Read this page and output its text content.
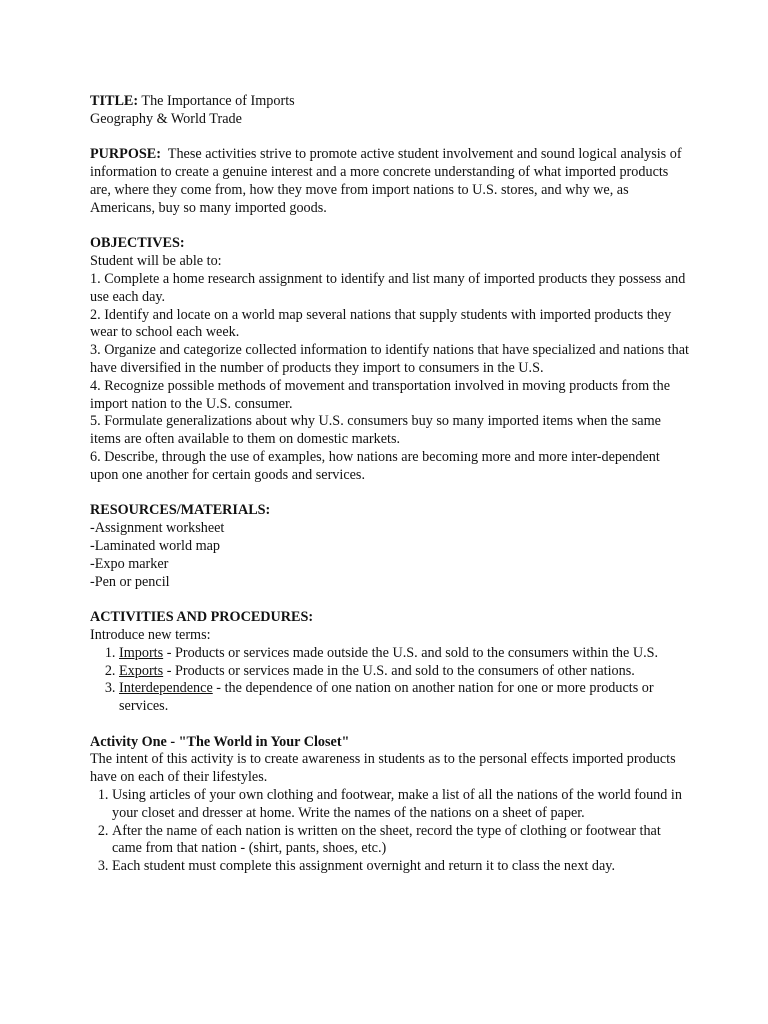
TITLE: The Importance of Imports

Geography & World Trade

PURPOSE: These activities strive to promote active student involvement and sound logical analysis of information to create a genuine interest and a more concrete understanding of what imported products are, where they come from, how they move from import nations to U.S. stores, and why we, as Americans, buy so many imported goods.

OBJECTIVES:

Student will be able to:

1. Complete a home research assignment to identify and list many of imported products they possess and use each day.

2. Identify and locate on a world map several nations that supply students with imported products they wear to school each week.

3. Organize and categorize collected information to identify nations that have specialized and nations that have diversified in the number of products they import to consumers in the U.S.

4. Recognize possible methods of movement and transportation involved in moving products from the import nation to the U.S. consumer.

5. Formulate generalizations about why U.S. consumers buy so many imported items when the same items are often available to them on domestic markets.

6. Describe, through the use of examples, how nations are becoming more and more inter-dependent upon one another for certain goods and services.

RESOURCES/MATERIALS:

-Assignment worksheet

-Laminated world map

-Expo marker

-Pen or pencil

ACTIVITIES AND PROCEDURES:

Introduce new terms:

1. Imports - Products or services made outside the U.S. and sold to the consumers within the U.S.
2. Exports - Products or services made in the U.S. and sold to the consumers of other nations.
3. Interdependence - the dependence of one nation on another nation for one or more products or services.

Activity One - "The World in Your Closet"

The intent of this activity is to create awareness in students as to the personal effects imported products have on each of their lifestyles.

1. Using articles of your own clothing and footwear, make a list of all the nations of the world found in your closet and dresser at home. Write the names of the nations on a sheet of paper.
2. After the name of each nation is written on the sheet, record the type of clothing or footwear that came from that nation - (shirt, pants, shoes, etc.)
3. Each student must complete this assignment overnight and return it to class the next day.
